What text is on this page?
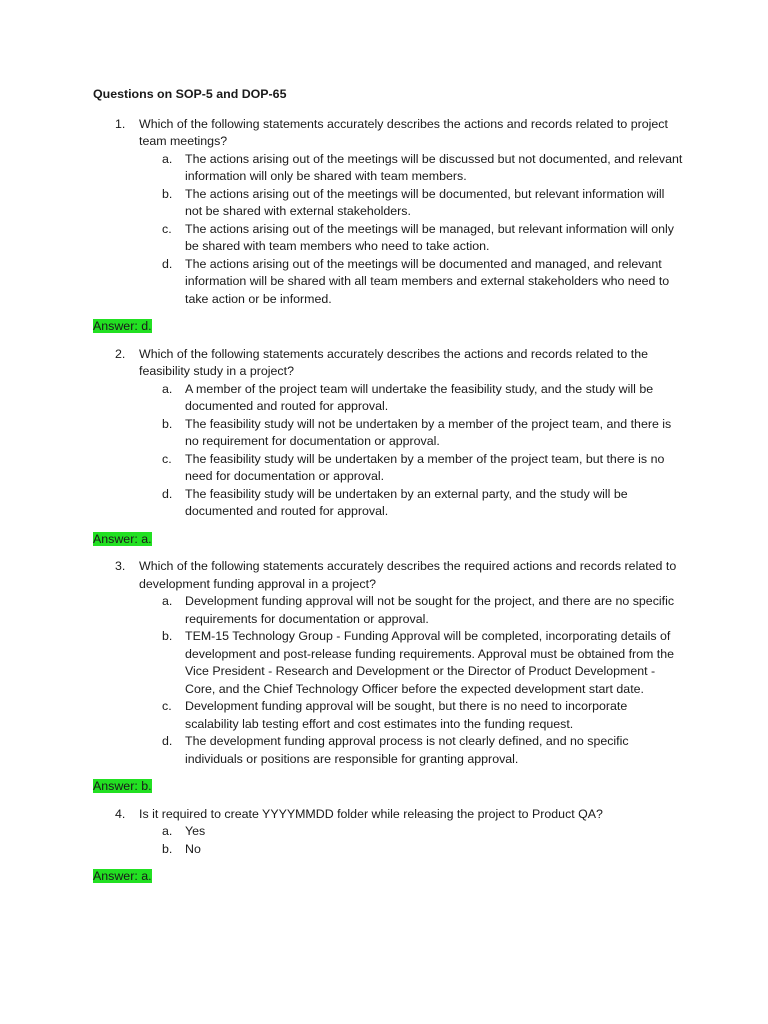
Questions on SOP-5 and DOP-65
1.	Which of the following statements accurately describes the actions and records related to project team meetings?
a.	The actions arising out of the meetings will be discussed but not documented, and relevant information will only be shared with team members.
b.	The actions arising out of the meetings will be documented, but relevant information will not be shared with external stakeholders.
c.	The actions arising out of the meetings will be managed, but relevant information will only be shared with team members who need to take action.
d.	The actions arising out of the meetings will be documented and managed, and relevant information will be shared with all team members and external stakeholders who need to take action or be informed.
Answer: d.
2.	Which of the following statements accurately describes the actions and records related to the feasibility study in a project?
a.	A member of the project team will undertake the feasibility study, and the study will be documented and routed for approval.
b.	The feasibility study will not be undertaken by a member of the project team, and there is no requirement for documentation or approval.
c.	The feasibility study will be undertaken by a member of the project team, but there is no need for documentation or approval.
d.	The feasibility study will be undertaken by an external party, and the study will be documented and routed for approval.
Answer: a.
3.	Which of the following statements accurately describes the required actions and records related to development funding approval in a project?
a.	Development funding approval will not be sought for the project, and there are no specific requirements for documentation or approval.
b.	TEM-15 Technology Group - Funding Approval will be completed, incorporating details of development and post-release funding requirements. Approval must be obtained from the Vice President - Research and Development or the Director of Product Development - Core, and the Chief Technology Officer before the expected development start date.
c.	Development funding approval will be sought, but there is no need to incorporate scalability lab testing effort and cost estimates into the funding request.
d.	The development funding approval process is not clearly defined, and no specific individuals or positions are responsible for granting approval.
Answer: b.
4.	Is it required to create YYYYMMDD folder while releasing the project to Product QA?
a.	Yes
b.	No
Answer: a.
